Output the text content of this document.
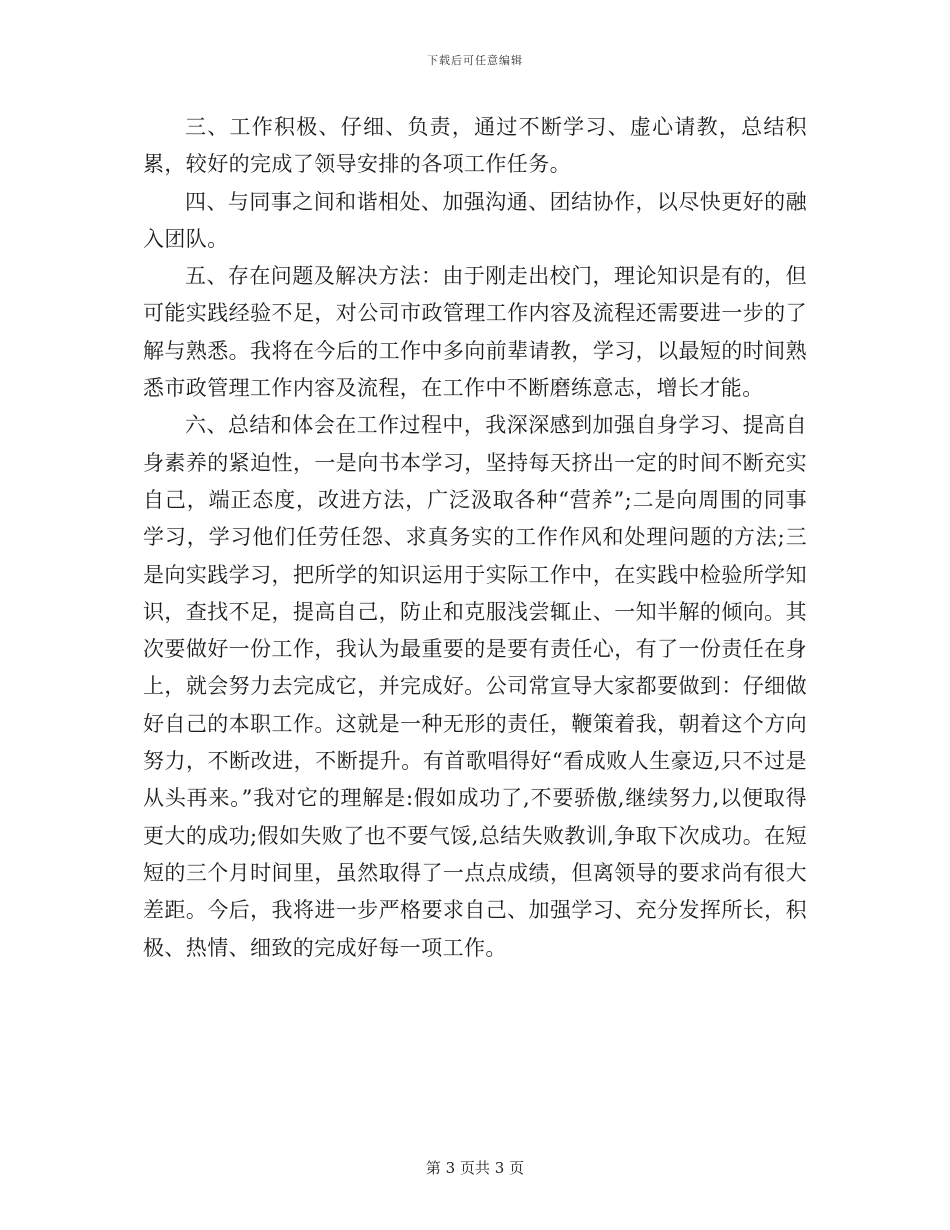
下载后可任意编辑

三、工作积极、仔细、负责，通过不断学习、虚心请教，总结积累，较好的完成了领导安排的各项工作任务。

四、与同事之间和谐相处、加强沟通、团结协作，以尽快更好的融入团队。

五、存在问题及解决方法：由于刚走出校门，理论知识是有的，但可能实践经验不足，对公司市政管理工作内容及流程还需要进一步的了解与熟悉。我将在今后的工作中多向前辈请教，学习，以最短的时间熟悉市政管理工作内容及流程，在工作中不断磨练意志，增长才能。

六、总结和体会在工作过程中，我深深感到加强自身学习、提高自身素养的紧迫性，一是向书本学习，坚持每天挤出一定的时间不断充实自己，端正态度，改进方法，广泛汲取各种“营养”;二是向周围的同事学习，学习他们任劳任怨、求真务实的工作作风和处理问题的方法;三是向实践学习，把所学的知识运用于实际工作中，在实践中检验所学知识，查找不足，提高自己，防止和克服浅尝辄止、一知半解的倾向。其次要做好一份工作，我认为最重要的是要有责任心，有了一份责任在身上，就会努力去完成它，并完成好。公司常宣导大家都要做到：仔细做好自己的本职工作。这就是一种无形的责任，鞭策着我，朝着这个方向努力，不断改进，不断提升。有首歌唱得好“看成败人生豪迈,只不过是从头再来。”我对它的理解是:假如成功了,不要骄傲,继续努力,以便取得更大的成功;假如失败了也不要气馁,总结失败教训,争取下次成功。在短短的三个月时间里，虽然取得了一点点成绩，但离领导的要求尚有很大差距。今后，我将进一步严格要求自己、加强学习、充分发挥所长，积极、热情、细致的完成好每一项工作。

第 3 页共 3 页
